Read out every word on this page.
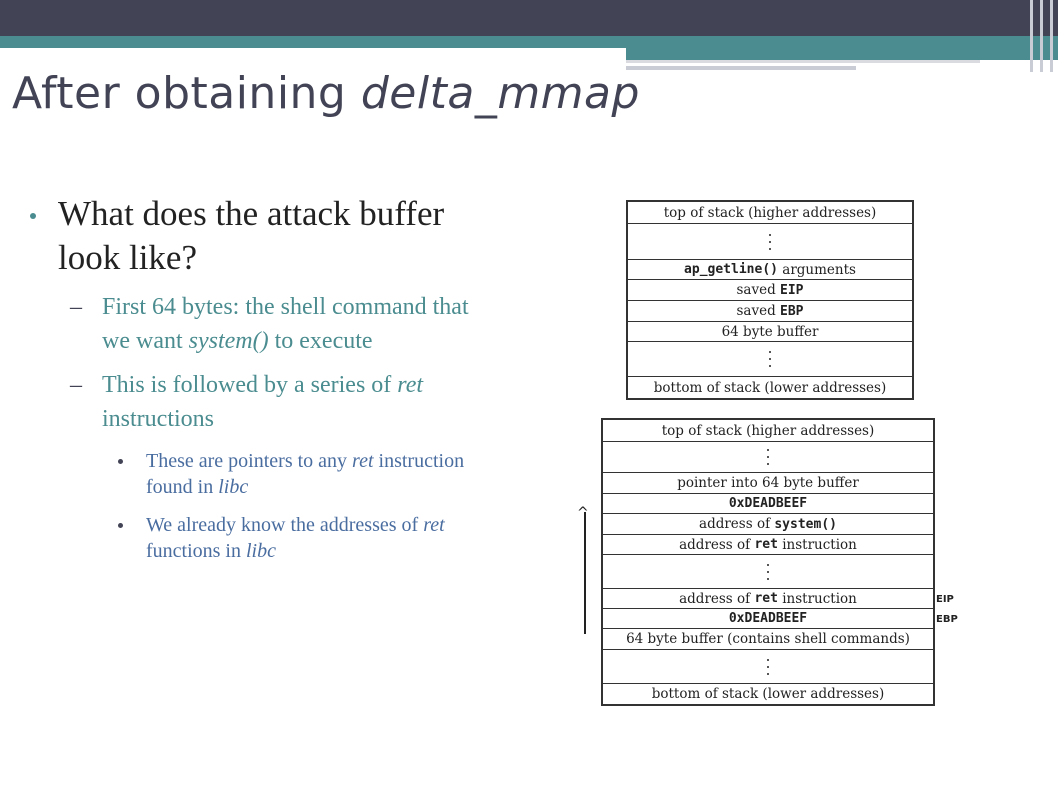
After obtaining delta_mmap
What does the attack buffer look like?
– First 64 bytes: the shell command that we want system() to execute
– This is followed by a series of ret instructions
These are pointers to any ret instruction found in libc
We already know the addresses of ret functions in libc
top of stack (higher addresses)
ap_getline()
arguments
saved
EIP
saved
EBP
64 byte buffer
bottom of stack (lower addresses)
top of stack (higher addresses)
pointer into 64 byte buffer
0xDEADBEEF
address of
system()
address of
ret
instruction
address of
ret
instruction
0xDEADBEEF
64 byte buffer (contains shell commands)
bottom of stack (lower addresses)
^
EIP
EBP
